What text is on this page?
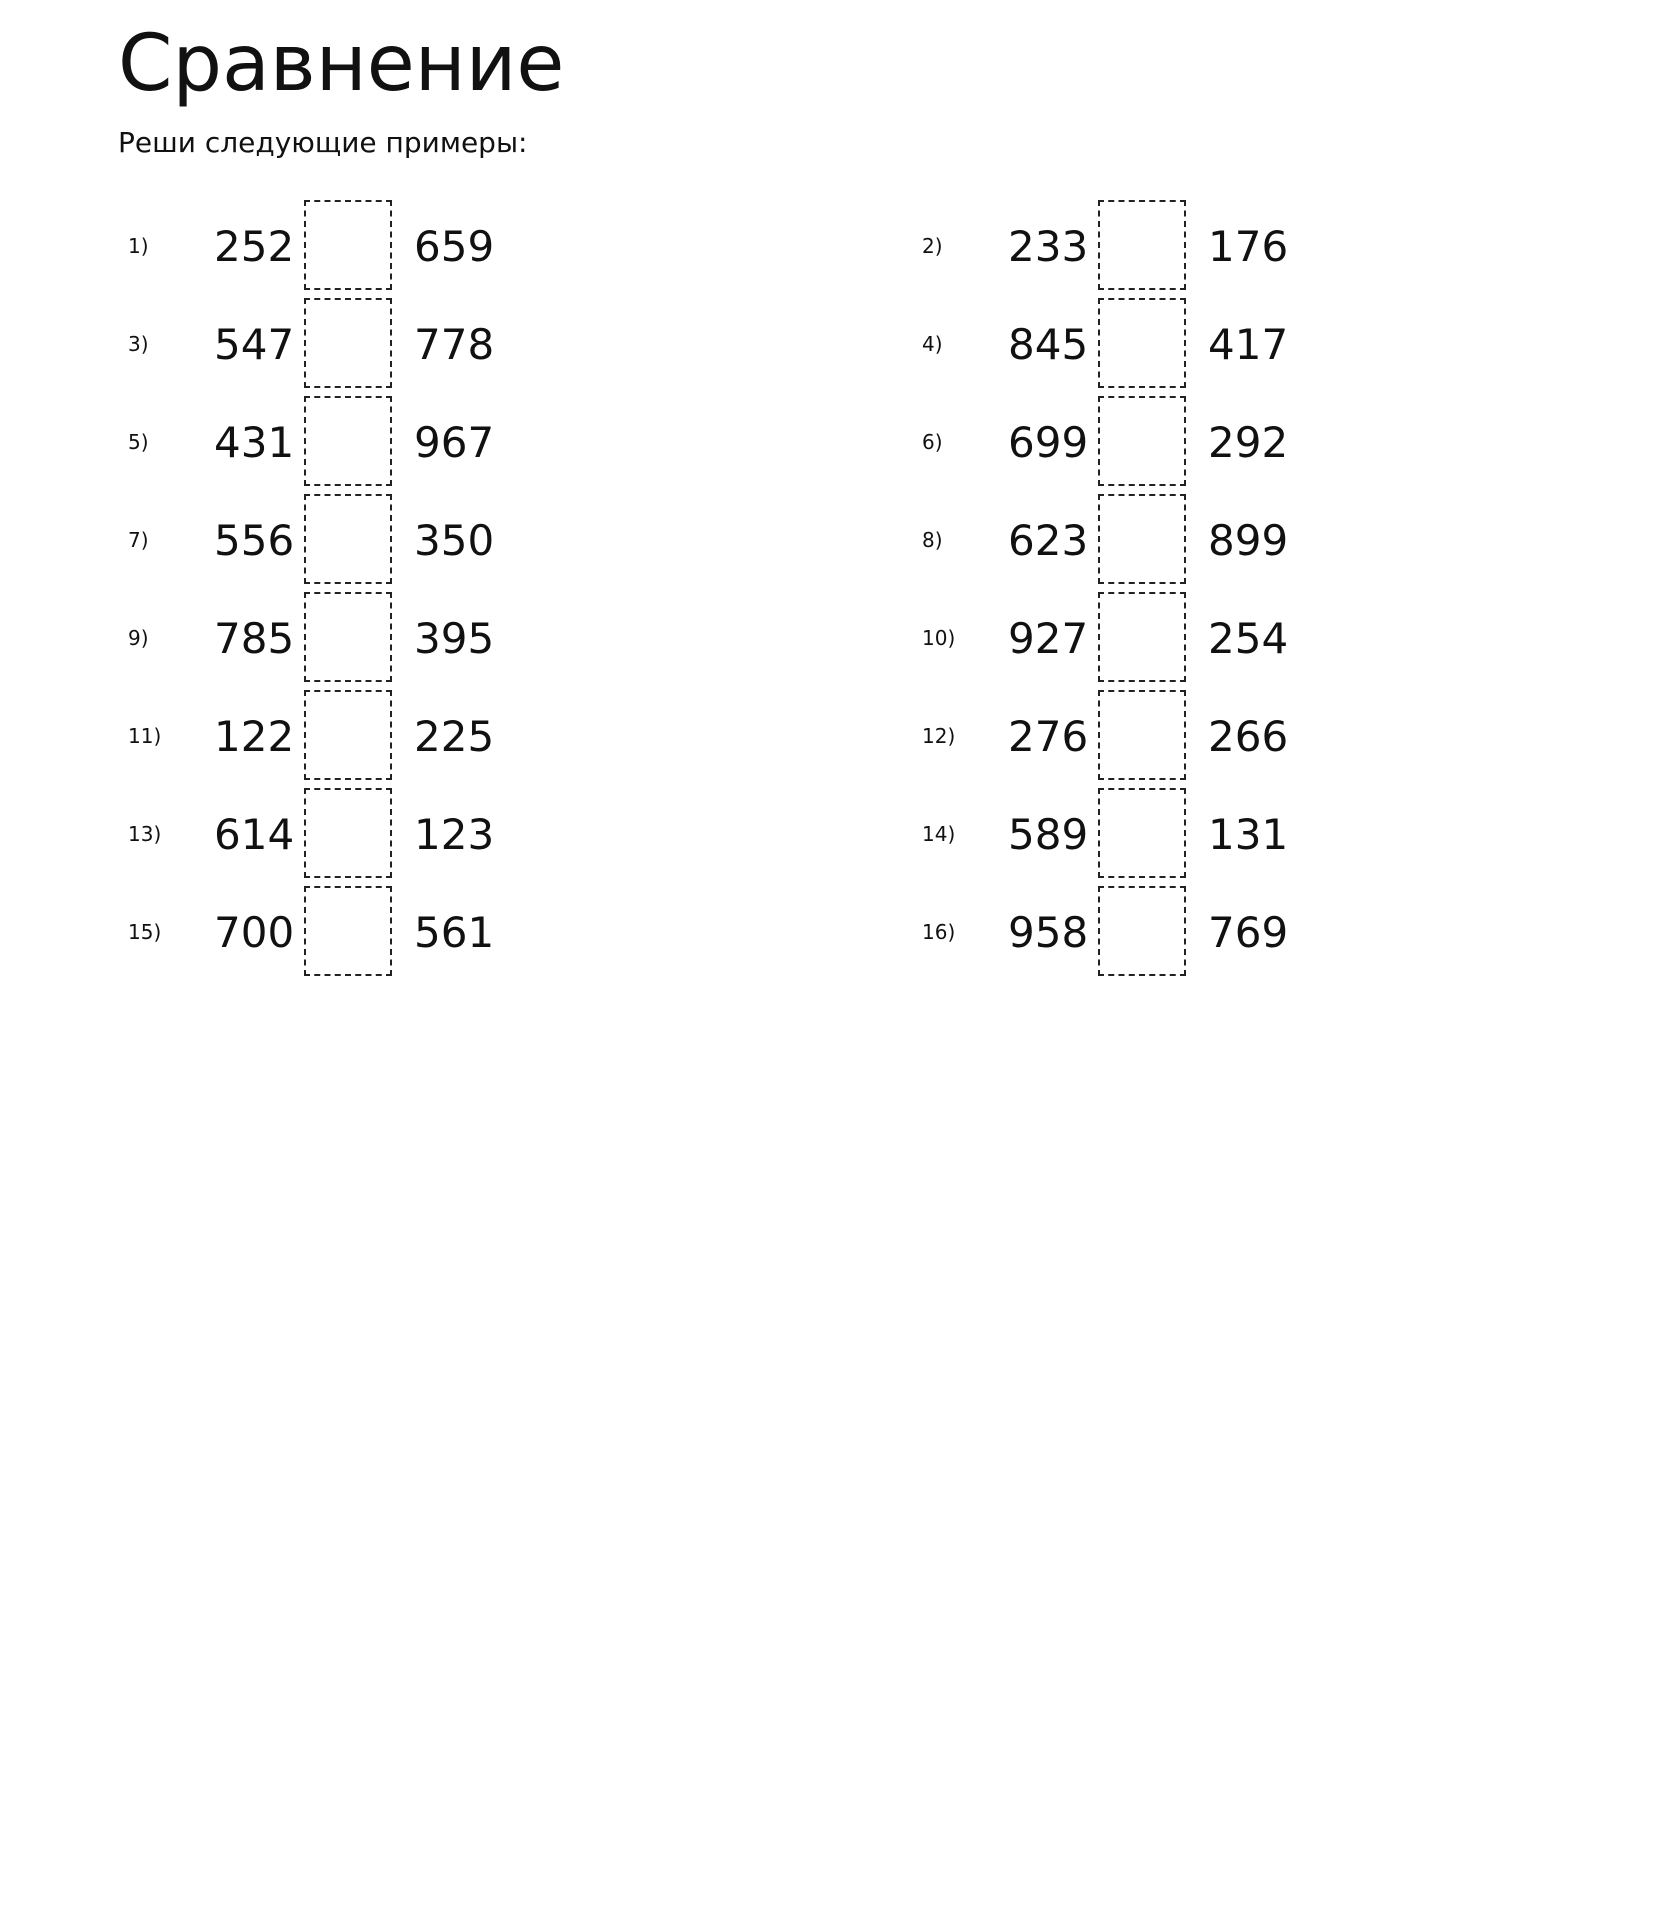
Сравнение

Реши следующие примеры:

1) 252	659
3) 547	778
5) 431	967
7) 556	350
9) 785	395
11) 122	225
13) 614	123
15) 700	561
2) 233	176
4) 845	417
6) 699	292
8) 623	899
10) 927	254
12) 276	266
14) 589	131
16) 958	769
